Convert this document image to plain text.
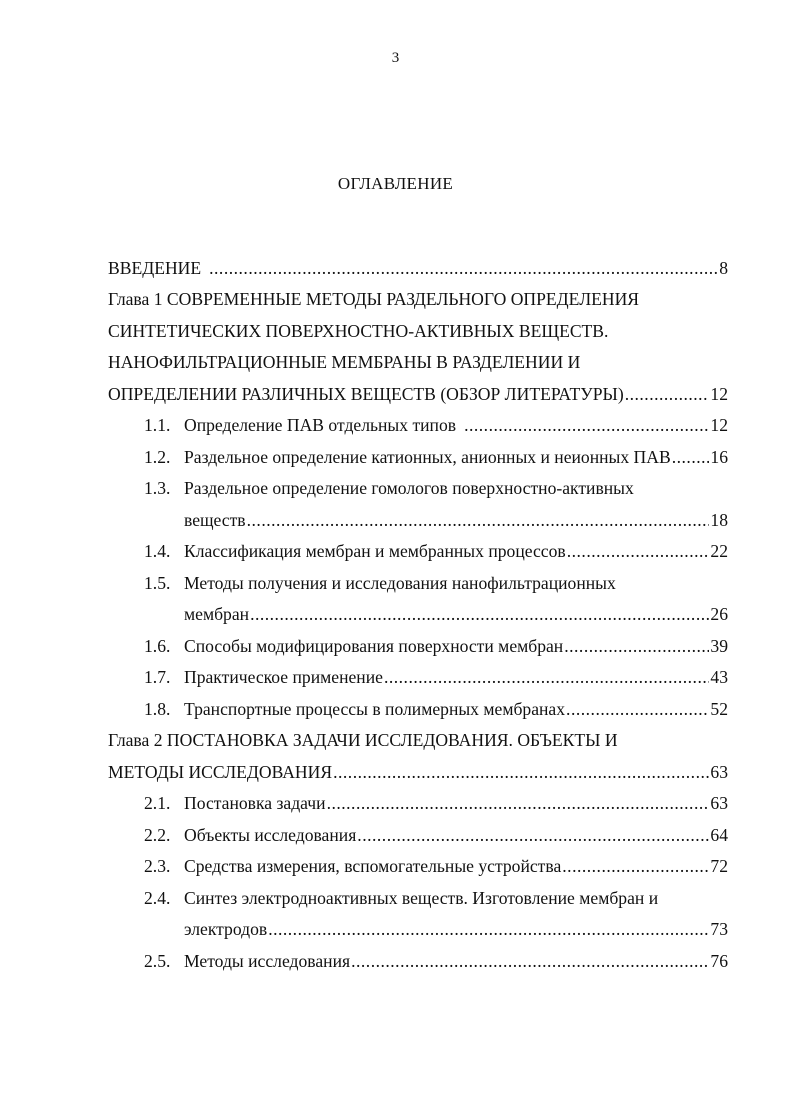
3
ОГЛАВЛЕНИЕ
ВВЕДЕНИЕ .....	8
Глава 1 СОВРЕМЕННЫЕ МЕТОДЫ РАЗДЕЛЬНОГО ОПРЕДЕЛЕНИЯ
СИНТЕТИЧЕСКИХ ПОВЕРХНОСТНО-АКТИВНЫХ ВЕЩЕСТВ.
НАНОФИЛЬТРАЦИОННЫЕ МЕМБРАНЫ В РАЗДЕЛЕНИИ И
ОПРЕДЕЛЕНИИ РАЗЛИЧНЫХ ВЕЩЕСТВ (ОБЗОР ЛИТЕРАТУРЫ) .....	12
1.1. Определение ПАВ отдельных типов .....	12
1.2. Раздельное определение катионных, анионных и неионных ПАВ ..... 16
1.3. Раздельное определение гомологов поверхностно-активных
веществ .....	18
1.4. Классификация мембран и мембранных процессов .....	22
1.5. Методы получения и исследования нанофильтрационных
мембран .....	26
1.6. Способы модифицирования поверхности мембран .....	39
1.7. Практическое применение .....	43
1.8. Транспортные процессы в полимерных мембранах .....	52
Глава 2 ПОСТАНОВКА ЗАДАЧИ ИССЛЕДОВАНИЯ. ОБЪЕКТЫ И
МЕТОДЫ ИССЛЕДОВАНИЯ .....	63
2.1. Постановка задачи .....	63
2.2. Объекты исследования .....	64
2.3. Средства измерения, вспомогательные устройства .....	72
2.4. Синтез электродноактивных веществ. Изготовление мембран и
электродов .....	73
2.5. Методы исследования .....	76
